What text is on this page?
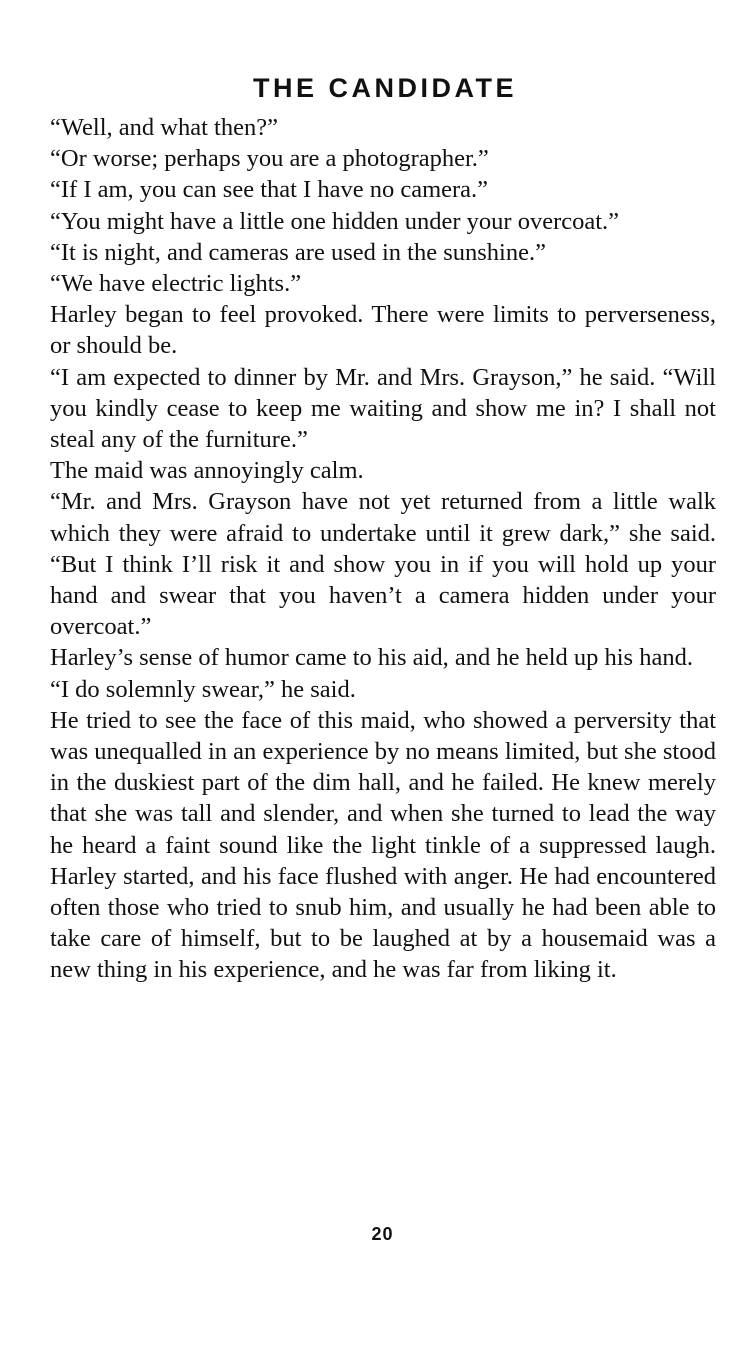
THE CANDIDATE

“Well, and what then?”

“Or worse; perhaps you are a photographer.”

“If I am, you can see that I have no camera.”

“You might have a little one hidden under your overcoat.”

“It is night, and cameras are used in the sunshine.”

“We have electric lights.”

Harley began to feel provoked. There were limits to perverseness, or should be.

“I am expected to dinner by Mr. and Mrs. Grayson,” he said. “Will you kindly cease to keep me waiting and show me in? I shall not steal any of the furniture.”

The maid was annoyingly calm.

“Mr. and Mrs. Grayson have not yet returned from a little walk which they were afraid to undertake until it grew dark,” she said. “But I think I’ll risk it and show you in if you will hold up your hand and swear that you haven’t a camera hidden under your overcoat.”

Harley’s sense of humor came to his aid, and he held up his hand.

“I do solemnly swear,” he said.

He tried to see the face of this maid, who showed a perversity that was unequalled in an experience by no means limited, but she stood in the duskiest part of the dim hall, and he failed. He knew merely that she was tall and slender, and when she turned to lead the way he heard a faint sound like the light tinkle of a suppressed laugh. Harley started, and his face flushed with anger. He had encountered often those who tried to snub him, and usually he had been able to take care of himself, but to be laughed at by a housemaid was a new thing in his experience, and he was far from liking it.

20
